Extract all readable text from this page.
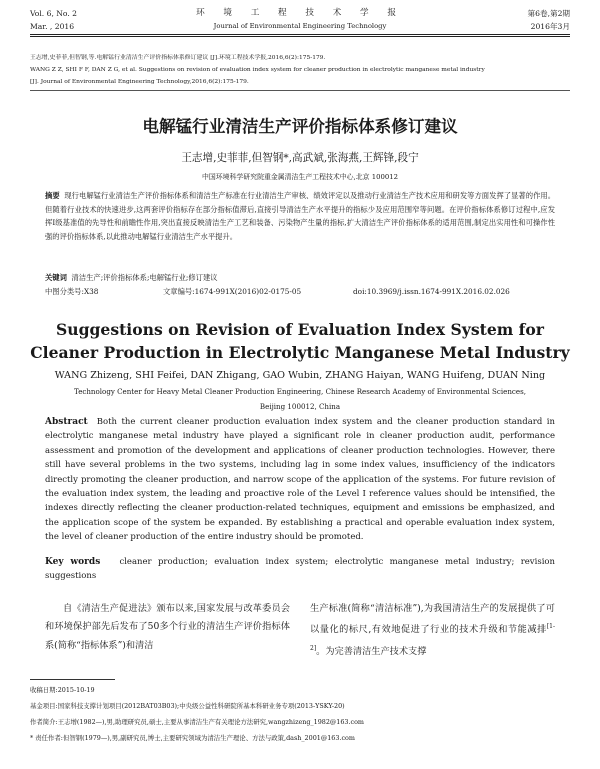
Vol. 6, No. 2
Mar. , 2016
环 境 工 程 技 术 学 报
Journal of Environmental Engineering Technology
第6卷,第2期
2016年3月
王志增,史菲菲,但智钢,等.电解锰行业清洁生产评价指标体系修订建议 [J].环境工程技术学报,2016,6(2):175-179.
WANG Z Z, SHI F F, DAN Z G, et al. Suggestions on revision of evaluation index system for cleaner production in electrolytic manganese metal industry
[J]. Journal of Environmental Engineering Technology,2016,6(2):175-179.
电解锰行业清洁生产评价指标体系修订建议
王志增,史菲菲,但智钢*,高武斌,张海燕,王辉锋,段宁
中国环境科学研究院重金属清洁生产工程技术中心,北京 100012
摘要 现行电解锰行业清洁生产评价指标体系和清洁生产标准在行业清洁生产审核、绩效评定以及推动行业清洁生产技术应用和研发等方面发挥了显著的作用。但随着行业技术的快速进步,这两套评价指标存在部分指标值滞后,直接引导清洁生产水平提升的指标少及应用范围窄等问题。在评价指标体系修订过程中,应发挥Ⅰ级基准值的先导性和前瞻性作用,突出直接反映清洁生产工艺和装备、污染物产生量的指标,扩大清洁生产评价指标体系的适用范围,制定出实用性和可操作性强的评价指标体系,以此推动电解锰行业清洁生产水平提升。
关键词 清洁生产;评价指标体系;电解锰行业;修订建议
中图分类号:X38	文章编号:1674-991X(2016)02-0175-05	doi:10.3969/j.issn.1674-991X.2016.02.026
Suggestions on Revision of Evaluation Index System for
Cleaner Production in Electrolytic Manganese Metal Industry
WANG Zhizeng, SHI Feifei, DAN Zhigang, GAO Wubin, ZHANG Haiyan, WANG Huifeng, DUAN Ning
Technology Center for Heavy Metal Cleaner Production Engineering, Chinese Research Academy of Environmental Sciences,
Beijing 100012, China
Abstract Both the current cleaner production evaluation index system and the cleaner production standard in electrolytic manganese metal industry have played a significant role in cleaner production audit, performance assessment and promotion of the development and applications of cleaner production technologies. However, there still have several problems in the two systems, including lag in some index values, insufficiency of the indicators directly promoting the cleaner production, and narrow scope of the application of the systems. For future revision of the evaluation index system, the leading and proactive role of the Level I reference values should be intensified, the indexes directly reflecting the cleaner production-related techniques, equipment and emissions be emphasized, and the application scope of the system be expanded. By establishing a practical and operable evaluation index system, the level of cleaner production of the entire industry should be promoted.
Key words cleaner production; evaluation index system; electrolytic manganese metal industry; revision suggestions
自《清洁生产促进法》颁布以来,国家发展与改革委员会和环境保护部先后发布了50多个行业的清洁生产评价指标体系(简称“指标体系”)和清洁
生产标准(简称“清洁标准”),为我国清洁生产的发展提供了可以量化的标尺,有效地促进了行业的技术升级和节能减排[1-2]。为完善清洁生产技术支撑
收稿日期:2015-10-19
基金项目:国家科技支撑计划项目(2012BAT03B03);中央级公益性科研院所基本科研业务专项(2013-YSKY-20)
作者简介:王志增(1982—),男,助理研究员,硕士,主要从事清洁生产有关理论方法研究,wangzhizeng_1982@163.com
* 责任作者:但智钢(1979—),男,副研究员,博士,主要研究领域为清洁生产理论、方法与政策,dash_2001@163.com
